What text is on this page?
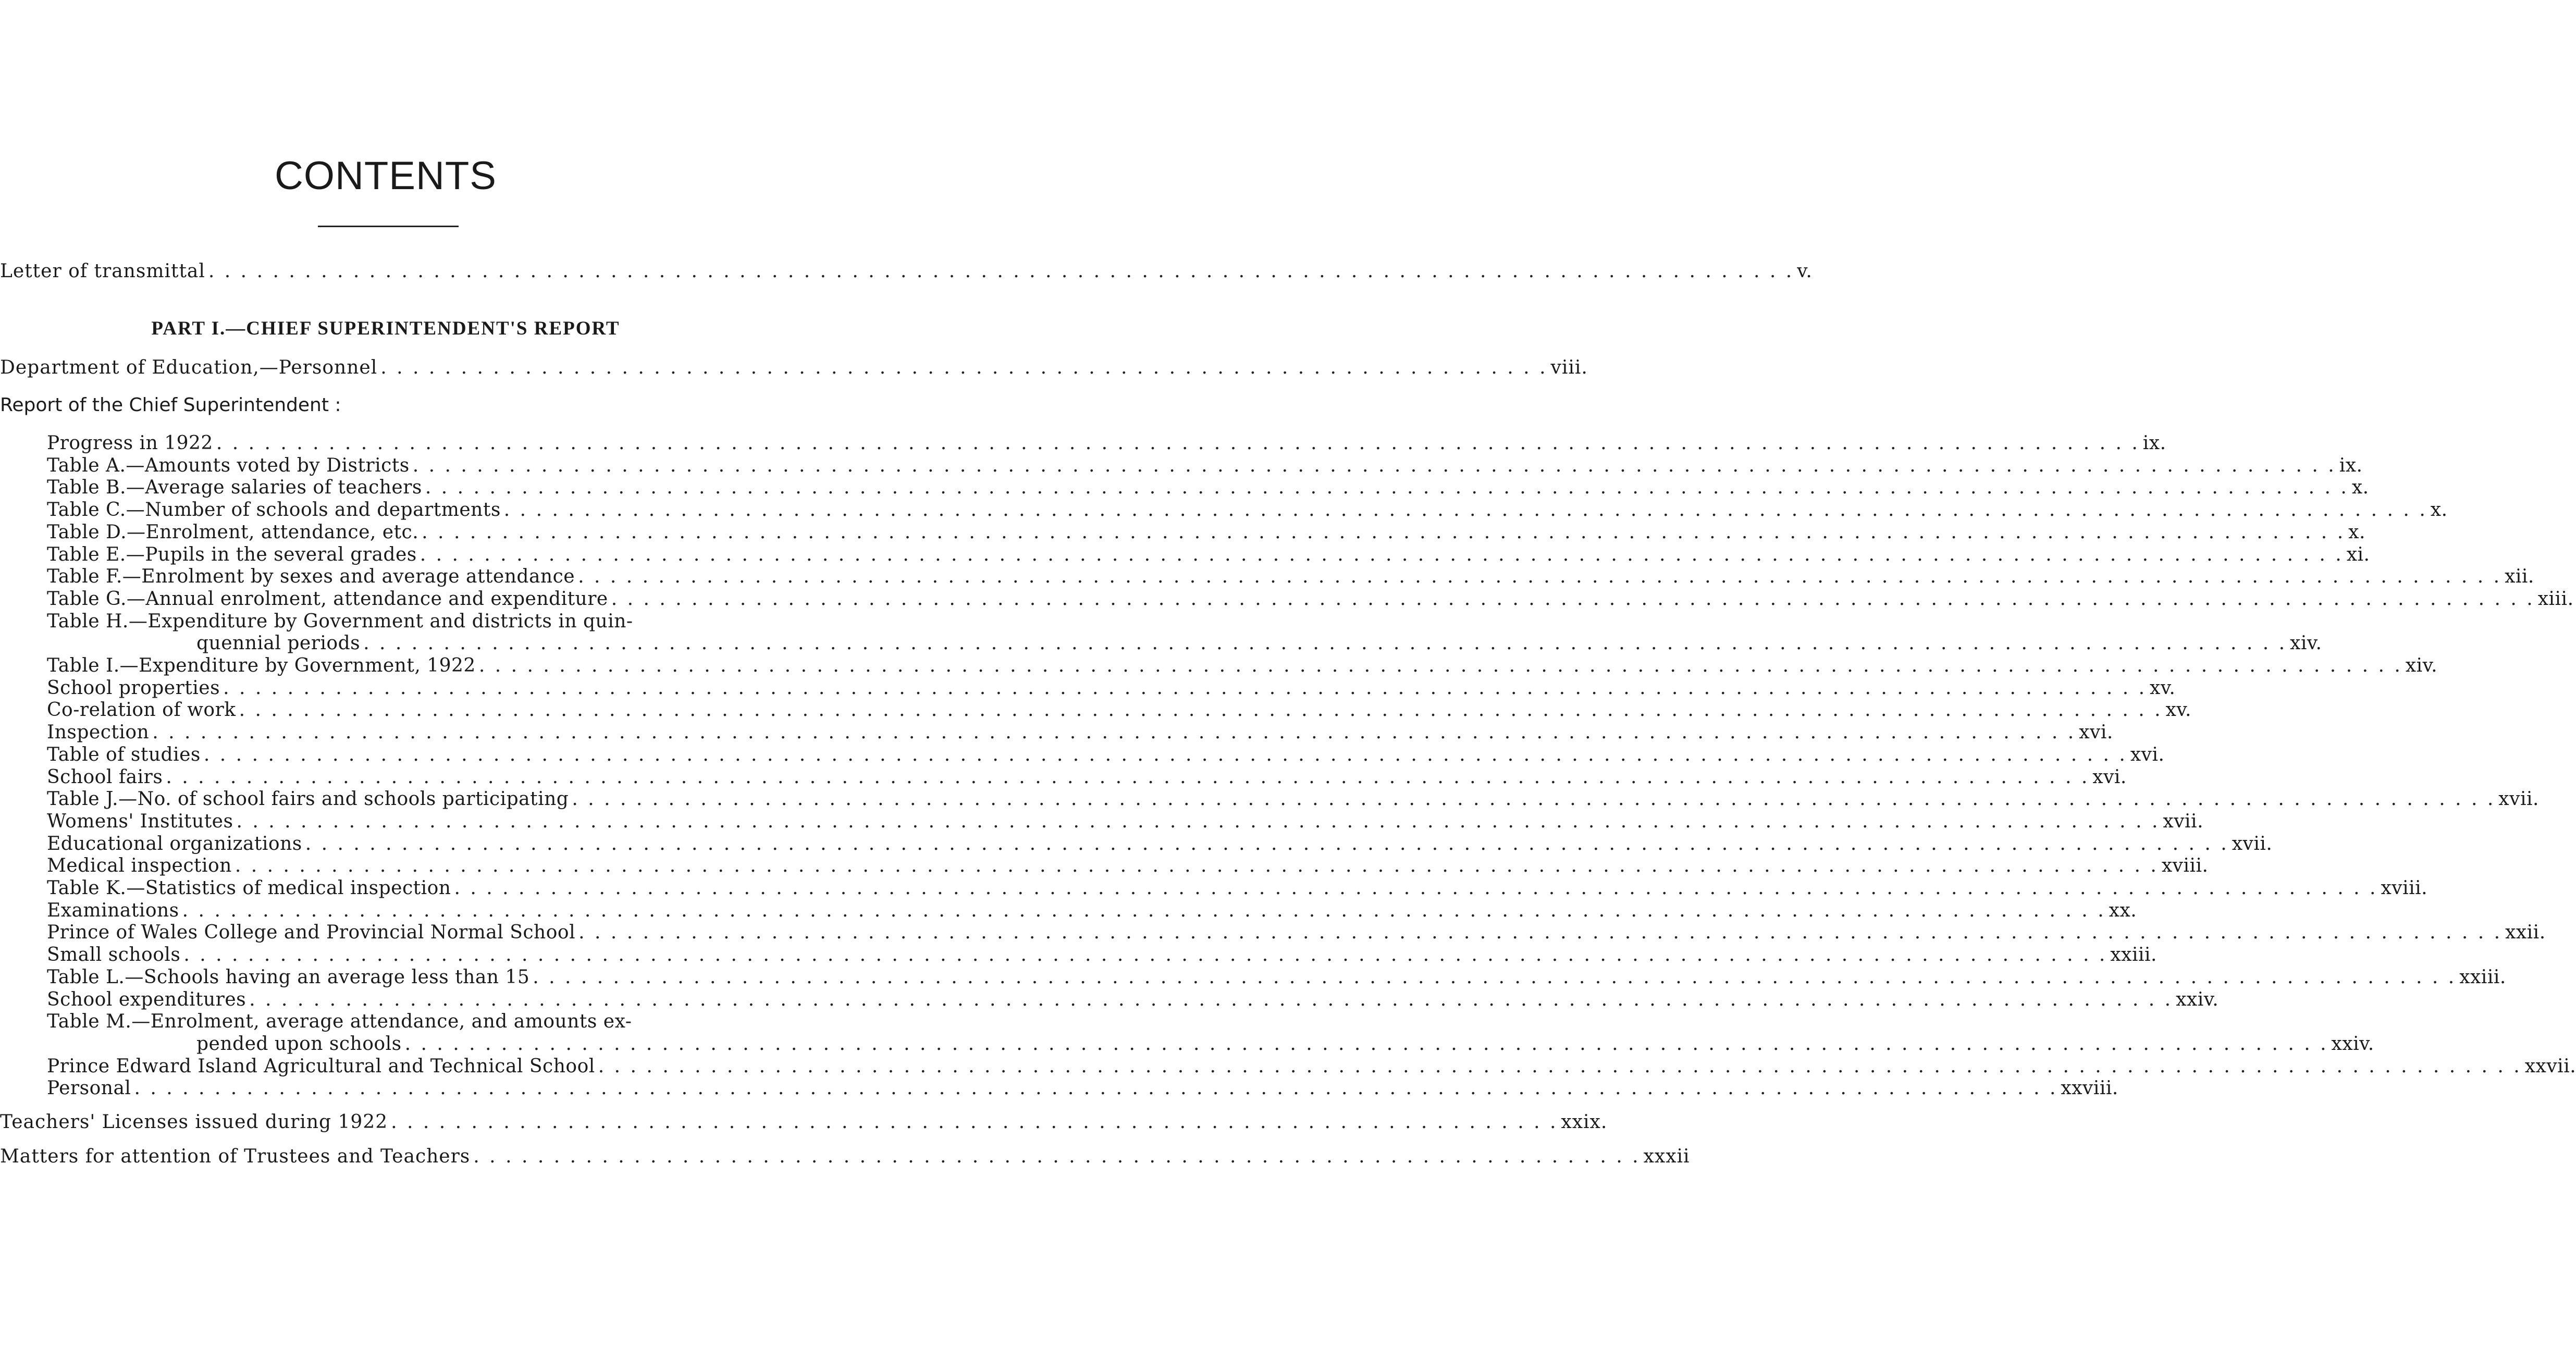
CONTENTS
Letter of transmittal . . . . . . . . . . . . . . . . . . . . . . . . . . . . . . . . . . . . . . . . . . . . . . . . . . . . . . . . . . . . . . . . . . . . . . . . . . . . . . . . . . . . . . . . . . . . . . . . . . . v.
PART I.—CHIEF SUPERINTENDENT'S REPORT
Department of Education,—Personnel . . . . . . . . . . . . . . . . . . . . . . . . . . . . . . . . . . . . . . . . . . . . . . . . . . . . . . . . . . . . . . . . . . . . . . . . . viii.
Report of the Chief Superintendent :
Progress in 1922 . . . . . . . . . . . . . . . . . . . . . . . . . . . . . . . . . . . . . . . . . . . . . . . . . . . . . . . . . . . . . . . . . . . . . . . . . . . . . . . . . . . . . . . . . . . . . . . . . . . . . . . . . . . . . . . . . . . . . . . . ix.
Table A.—Amounts voted by Districts . . . . . . . . . . . . . . . . . . . . . . . . . . . . . . . . . . . . . . . . . . . . . . . . . . . . . . . . . . . . . . . . . . . . . . . . . . . . . . . . . . . . . . . . . . . . . . . . . . . . . . . . . . . . . . . . . . . . . . . . ix.
Table B.—Average salaries of teachers . . . . . . . . . . . . . . . . . . . . . . . . . . . . . . . . . . . . . . . . . . . . . . . . . . . . . . . . . . . . . . . . . . . . . . . . . . . . . . . . . . . . . . . . . . . . . . . . . . . . . . . . . . . . . . . . . . . . . . . . x.
Table C.—Number of schools and departments . . . . . . . . . . . . . . . . . . . . . . . . . . . . . . . . . . . . . . . . . . . . . . . . . . . . . . . . . . . . . . . . . . . . . . . . . . . . . . . . . . . . . . . . . . . . . . . . . . . . . . . . . . . . . . . . . . . . . . . . x.
Table D.—Enrolment, attendance, etc. . . . . . . . . . . . . . . . . . . . . . . . . . . . . . . . . . . . . . . . . . . . . . . . . . . . . . . . . . . . . . . . . . . . . . . . . . . . . . . . . . . . . . . . . . . . . . . . . . . . . . . . . . . . . . . . . . . . . . . . . x.
Table E.—Pupils in the several grades . . . . . . . . . . . . . . . . . . . . . . . . . . . . . . . . . . . . . . . . . . . . . . . . . . . . . . . . . . . . . . . . . . . . . . . . . . . . . . . . . . . . . . . . . . . . . . . . . . . . . . . . . . . . . . . . . . . . . . . . xi.
Table F.—Enrolment by sexes and average attendance . . . . . . . . . . . . . . . . . . . . . . . . . . . . . . . . . . . . . . . . . . . . . . . . . . . . . . . . . . . . . . . . . . . . . . . . . . . . . . . . . . . . . . . . . . . . . . . . . . . . . . . . . . . . . . . . . . . . . . . . xii.
Table G.—Annual enrolment, attendance and expenditure . . . . . . . . . . . . . . . . . . . . . . . . . . . . . . . . . . . . . . . . . . . . . . . . . . . . . . . . . . . . . . . . . . . . . . . . . . . . . . . . . . . . . . . . . . . . . . . . . . . . . . . . . . . . . . . . . . . . . . . . xiii.
Table H.—Expenditure by Government and districts in quin-
quennial periods . . . . . . . . . . . . . . . . . . . . . . . . . . . . . . . . . . . . . . . . . . . . . . . . . . . . . . . . . . . . . . . . . . . . . . . . . . . . . . . . . . . . . . . . . . . . . . . . . . . . . . . . . . . . . . . . . . . . . . . . xiv.
Table I.—Expenditure by Government, 1922 . . . . . . . . . . . . . . . . . . . . . . . . . . . . . . . . . . . . . . . . . . . . . . . . . . . . . . . . . . . . . . . . . . . . . . . . . . . . . . . . . . . . . . . . . . . . . . . . . . . . . . . . . . . . . . . . . . . . . . . . xiv.
School properties . . . . . . . . . . . . . . . . . . . . . . . . . . . . . . . . . . . . . . . . . . . . . . . . . . . . . . . . . . . . . . . . . . . . . . . . . . . . . . . . . . . . . . . . . . . . . . . . . . . . . . . . . . . . . . . . . . . . . . . . xv.
Co-relation of work . . . . . . . . . . . . . . . . . . . . . . . . . . . . . . . . . . . . . . . . . . . . . . . . . . . . . . . . . . . . . . . . . . . . . . . . . . . . . . . . . . . . . . . . . . . . . . . . . . . . . . . . . . . . . . . . . . . . . . . . xv.
Inspection . . . . . . . . . . . . . . . . . . . . . . . . . . . . . . . . . . . . . . . . . . . . . . . . . . . . . . . . . . . . . . . . . . . . . . . . . . . . . . . . . . . . . . . . . . . . . . . . . . . . . . . . . . . . . . . . . . . . . . . . xvi.
Table of studies . . . . . . . . . . . . . . . . . . . . . . . . . . . . . . . . . . . . . . . . . . . . . . . . . . . . . . . . . . . . . . . . . . . . . . . . . . . . . . . . . . . . . . . . . . . . . . . . . . . . . . . . . . . . . . . . . . . . . . . . xvi.
School fairs . . . . . . . . . . . . . . . . . . . . . . . . . . . . . . . . . . . . . . . . . . . . . . . . . . . . . . . . . . . . . . . . . . . . . . . . . . . . . . . . . . . . . . . . . . . . . . . . . . . . . . . . . . . . . . . . . . . . . . . . xvi.
Table J.—No. of school fairs and schools participating . . . . . . . . . . . . . . . . . . . . . . . . . . . . . . . . . . . . . . . . . . . . . . . . . . . . . . . . . . . . . . . . . . . . . . . . . . . . . . . . . . . . . . . . . . . . . . . . . . . . . . . . . . . . . . . . . . . . . . . . xvii.
Womens' Institutes . . . . . . . . . . . . . . . . . . . . . . . . . . . . . . . . . . . . . . . . . . . . . . . . . . . . . . . . . . . . . . . . . . . . . . . . . . . . . . . . . . . . . . . . . . . . . . . . . . . . . . . . . . . . . . . . . . . . . . . . xvii.
Educational organizations . . . . . . . . . . . . . . . . . . . . . . . . . . . . . . . . . . . . . . . . . . . . . . . . . . . . . . . . . . . . . . . . . . . . . . . . . . . . . . . . . . . . . . . . . . . . . . . . . . . . . . . . . . . . . . . . . . . . . . . . xvii.
Medical inspection . . . . . . . . . . . . . . . . . . . . . . . . . . . . . . . . . . . . . . . . . . . . . . . . . . . . . . . . . . . . . . . . . . . . . . . . . . . . . . . . . . . . . . . . . . . . . . . . . . . . . . . . . . . . . . . . . . . . . . . . xviii.
Table K.—Statistics of medical inspection . . . . . . . . . . . . . . . . . . . . . . . . . . . . . . . . . . . . . . . . . . . . . . . . . . . . . . . . . . . . . . . . . . . . . . . . . . . . . . . . . . . . . . . . . . . . . . . . . . . . . . . . . . . . . . . . . . . . . . . . xviii.
Examinations . . . . . . . . . . . . . . . . . . . . . . . . . . . . . . . . . . . . . . . . . . . . . . . . . . . . . . . . . . . . . . . . . . . . . . . . . . . . . . . . . . . . . . . . . . . . . . . . . . . . . . . . . . . . . . . . . . . . . . . . xx.
Prince of Wales College and Provincial Normal School . . . . . . . . . . . . . . . . . . . . . . . . . . . . . . . . . . . . . . . . . . . . . . . . . . . . . . . . . . . . . . . . . . . . . . . . . . . . . . . . . . . . . . . . . . . . . . . . . . . . . . . . . . . . . . . . . . . . . . . . xxii.
Small schools . . . . . . . . . . . . . . . . . . . . . . . . . . . . . . . . . . . . . . . . . . . . . . . . . . . . . . . . . . . . . . . . . . . . . . . . . . . . . . . . . . . . . . . . . . . . . . . . . . . . . . . . . . . . . . . . . . . . . . . . xxiii.
Table L.—Schools having an average less than 15 . . . . . . . . . . . . . . . . . . . . . . . . . . . . . . . . . . . . . . . . . . . . . . . . . . . . . . . . . . . . . . . . . . . . . . . . . . . . . . . . . . . . . . . . . . . . . . . . . . . . . . . . . . . . . . . . . . . . . . . . xxiii.
School expenditures . . . . . . . . . . . . . . . . . . . . . . . . . . . . . . . . . . . . . . . . . . . . . . . . . . . . . . . . . . . . . . . . . . . . . . . . . . . . . . . . . . . . . . . . . . . . . . . . . . . . . . . . . . . . . . . . . . . . . . . . xxiv.
Table M.—Enrolment, average attendance, and amounts ex-
pended upon schools . . . . . . . . . . . . . . . . . . . . . . . . . . . . . . . . . . . . . . . . . . . . . . . . . . . . . . . . . . . . . . . . . . . . . . . . . . . . . . . . . . . . . . . . . . . . . . . . . . . . . . . . . . . . . . . . . . . . . . . . xxiv.
Prince Edward Island Agricultural and Technical School . . . . . . . . . . . . . . . . . . . . . . . . . . . . . . . . . . . . . . . . . . . . . . . . . . . . . . . . . . . . . . . . . . . . . . . . . . . . . . . . . . . . . . . . . . . . . . . . . . . . . . . . . . . . . . . . . . . . . . . . xxvii.
Personal . . . . . . . . . . . . . . . . . . . . . . . . . . . . . . . . . . . . . . . . . . . . . . . . . . . . . . . . . . . . . . . . . . . . . . . . . . . . . . . . . . . . . . . . . . . . . . . . . . . . . . . . . . . . . . . . . . . . . . . . xxviii.
Teachers' Licenses issued during 1922 . . . . . . . . . . . . . . . . . . . . . . . . . . . . . . . . . . . . . . . . . . . . . . . . . . . . . . . . . . . . . . . . . . . . . . . . . xxix.
Matters for attention of Trustees and Teachers . . . . . . . . . . . . . . . . . . . . . . . . . . . . . . . . . . . . . . . . . . . . . . . . . . . . . . . . . . . . . . . . . . . . . . . . . xxxii
